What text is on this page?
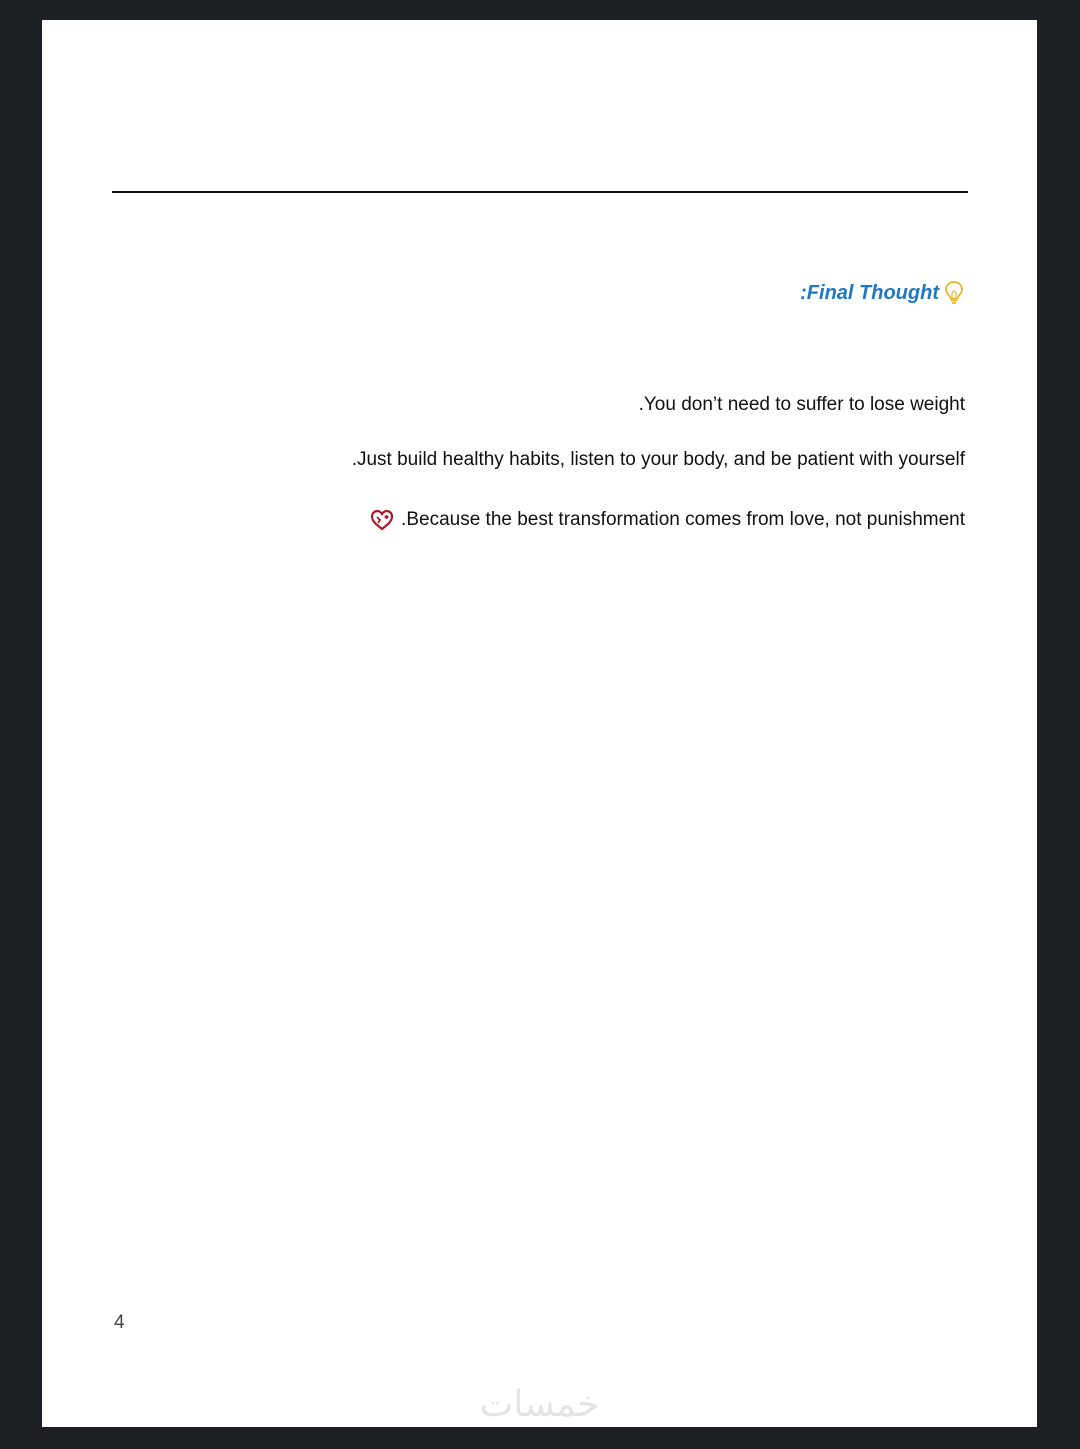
:Final Thought
.You don’t need to suffer to lose weight
.Just build healthy habits, listen to your body, and be patient with yourself
.Because the best transformation comes from love, not punishment
4
خمسات
